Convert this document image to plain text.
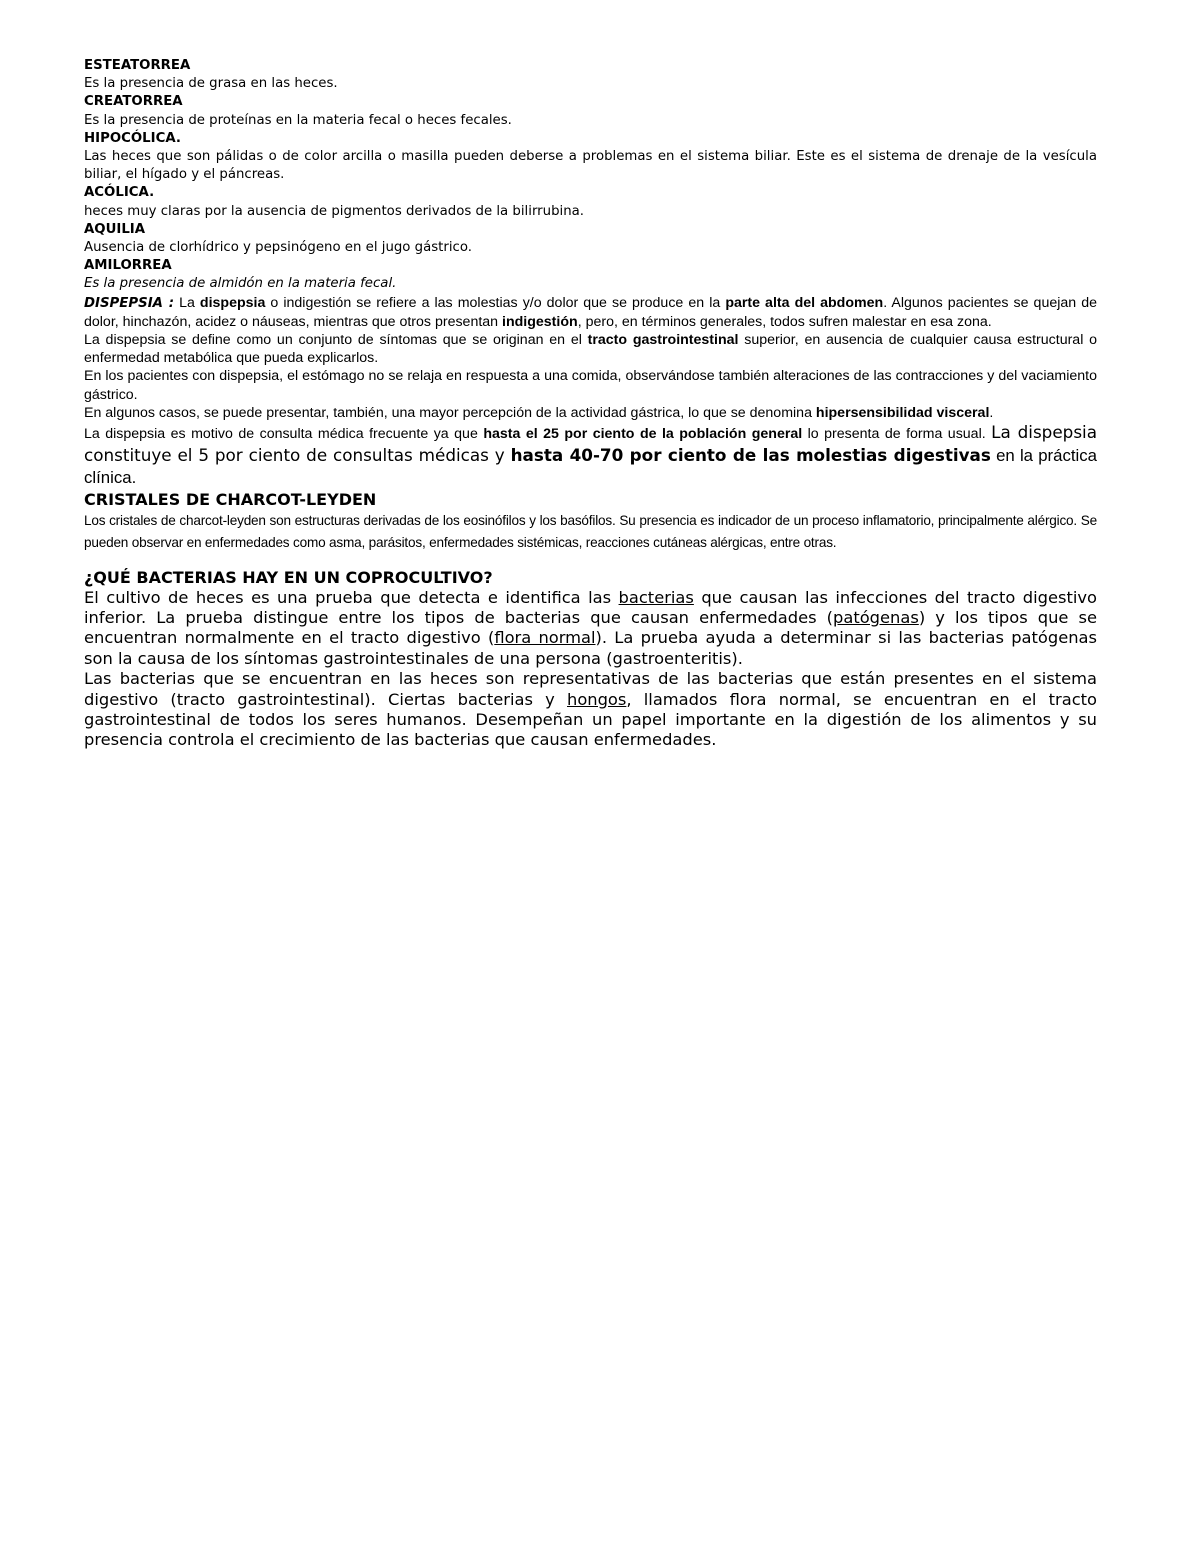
ESTEATORREA

Es la presencia de grasa en las heces.

CREATORREA

Es la presencia de proteínas en la materia fecal o heces fecales.

HIPOCÓLICA.

Las heces que son pálidas o de color arcilla o masilla pueden deberse a problemas en el sistema biliar. Este es el sistema de drenaje de la vesícula biliar, el hígado y el páncreas.

ACÓLICA.

heces muy claras por la ausencia de pigmentos derivados de la bilirrubina.

AQUILIA

Ausencia de clorhídrico y pepsinógeno en el jugo gástrico.

AMILORREA

Es la presencia de almidón en la materia fecal.

DISPEPSIA : La dispepsia o indigestión se refiere a las molestias y/o dolor que se produce en la parte alta del abdomen. Algunos pacientes se quejan de dolor, hinchazón, acidez o náuseas, mientras que otros presentan indigestión, pero, en términos generales, todos sufren malestar en esa zona.

La dispepsia se define como un conjunto de síntomas que se originan en el tracto gastrointestinal superior, en ausencia de cualquier causa estructural o enfermedad metabólica que pueda explicarlos.

En los pacientes con dispepsia, el estómago no se relaja en respuesta a una comida, observándose también alteraciones de las contracciones y del vaciamiento gástrico.

En algunos casos, se puede presentar, también, una mayor percepción de la actividad gástrica, lo que se denomina hipersensibilidad visceral.

La dispepsia es motivo de consulta médica frecuente ya que hasta el 25 por ciento de la población general lo presenta de forma usual. La dispepsia constituye el 5 por ciento de consultas médicas y hasta 40-70 por ciento de las molestias digestivas en la práctica clínica.

CRISTALES DE CHARCOT-LEYDEN

Los cristales de charcot-leyden son estructuras derivadas de los eosinófilos y los basófilos. Su presencia es indicador de un proceso inflamatorio, principalmente alérgico. Se pueden observar en enfermedades como asma, parásitos, enfermedades sistémicas, reacciones cutáneas alérgicas, entre otras.

¿QUÉ BACTERIAS HAY EN UN COPROCULTIVO?

El cultivo de heces es una prueba que detecta e identifica las bacterias que causan las infecciones del tracto digestivo inferior. La prueba distingue entre los tipos de bacterias que causan enfermedades (patógenas) y los tipos que se encuentran normalmente en el tracto digestivo (flora normal). La prueba ayuda a determinar si las bacterias patógenas son la causa de los síntomas gastrointestinales de una persona (gastroenteritis).

Las bacterias que se encuentran en las heces son representativas de las bacterias que están presentes en el sistema digestivo (tracto gastrointestinal). Ciertas bacterias y hongos, llamados flora normal, se encuentran en el tracto gastrointestinal de todos los seres humanos. Desempeñan un papel importante en la digestión de los alimentos y su presencia controla el crecimiento de las bacterias que causan enfermedades.
